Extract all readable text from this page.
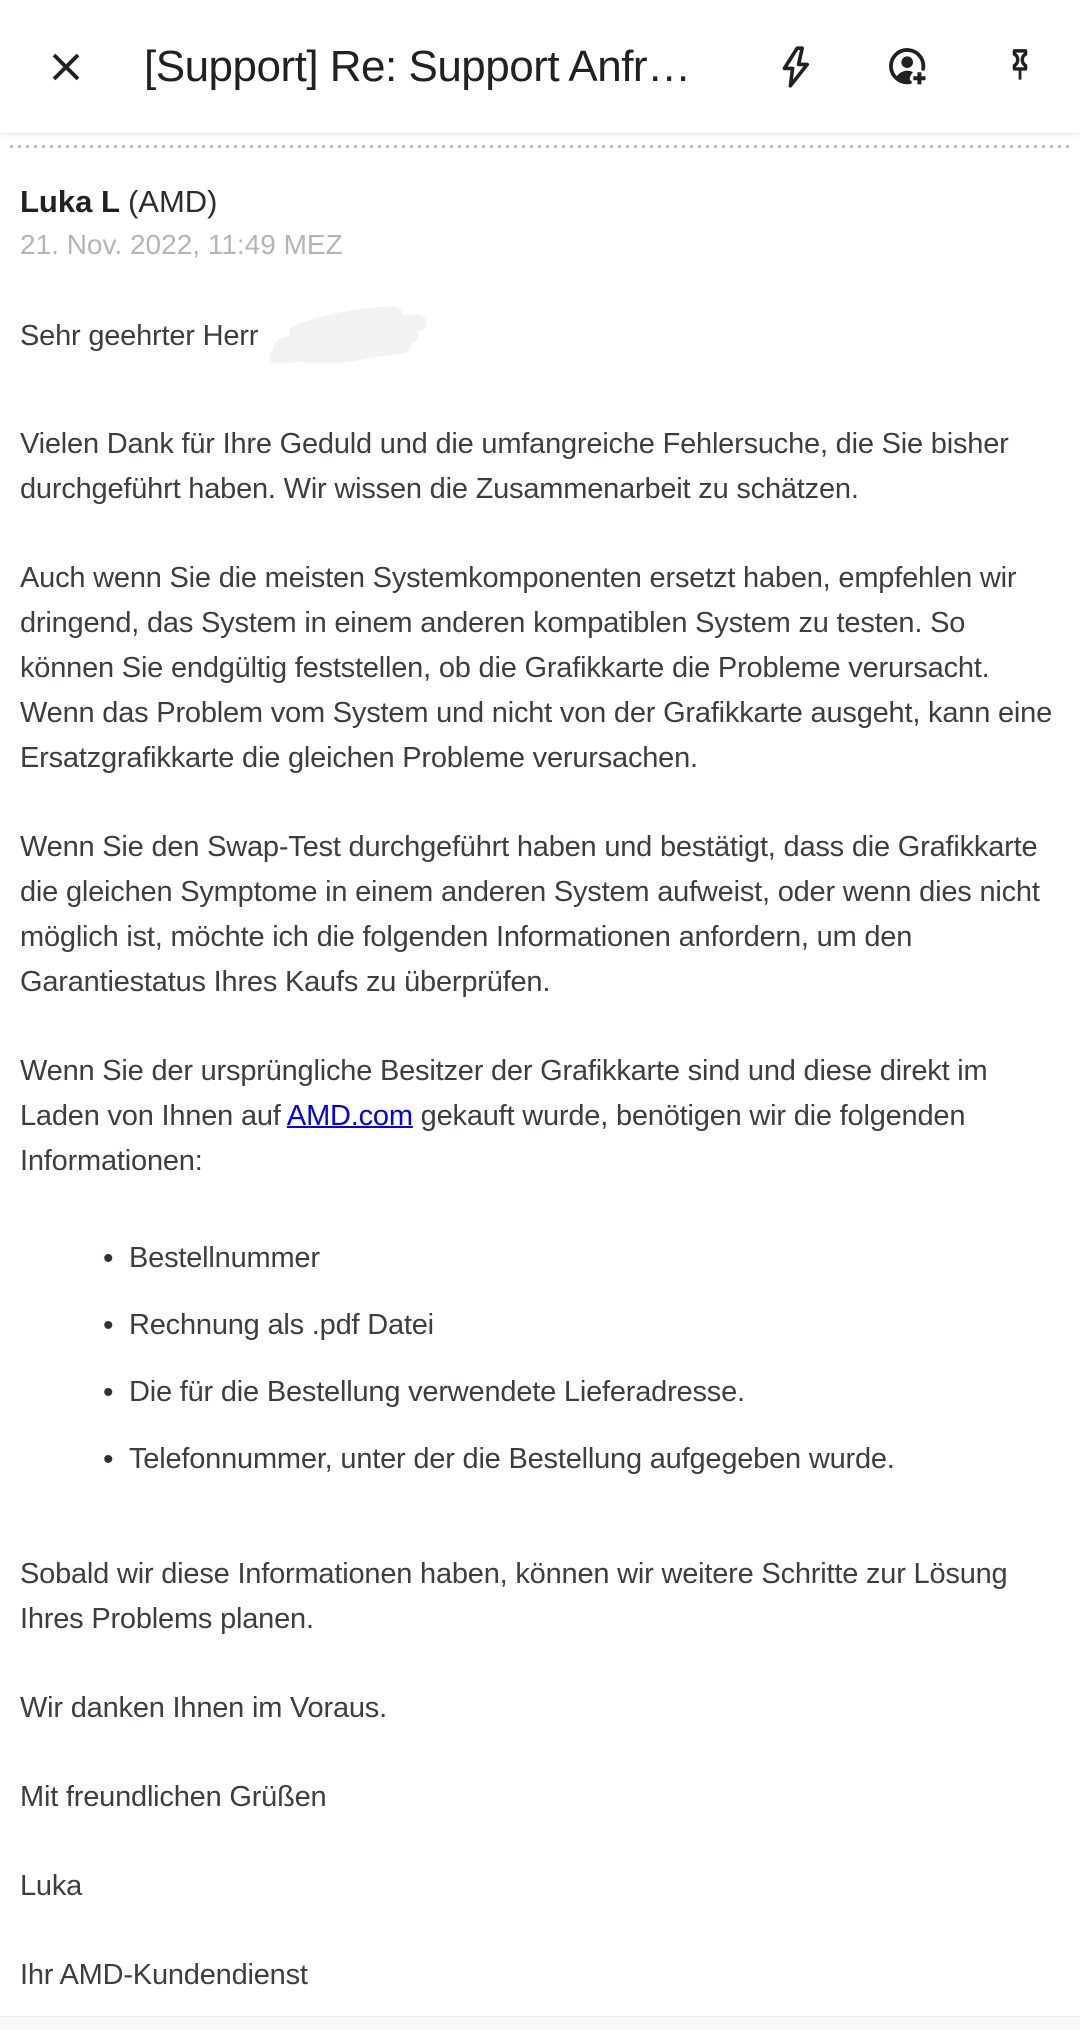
[Support] Re: Support Anfr…
Luka L (AMD)
21. Nov. 2022, 11:49 MEZ

Sehr geehrter Herr

Vielen Dank für Ihre Geduld und die umfangreiche Fehlersuche, die Sie bisher durchgeführt haben. Wir wissen die Zusammenarbeit zu schätzen.

Auch wenn Sie die meisten Systemkomponenten ersetzt haben, empfehlen wir dringend, das System in einem anderen kompatiblen System zu testen. So können Sie endgültig feststellen, ob die Grafikkarte die Probleme verursacht. Wenn das Problem vom System und nicht von der Grafikkarte ausgeht, kann eine Ersatzgrafikkarte die gleichen Probleme verursachen.

Wenn Sie den Swap-Test durchgeführt haben und bestätigt, dass die Grafikkarte die gleichen Symptome in einem anderen System aufweist, oder wenn dies nicht möglich ist, möchte ich die folgenden Informationen anfordern, um den Garantiestatus Ihres Kaufs zu überprüfen.

Wenn Sie der ursprüngliche Besitzer der Grafikkarte sind und diese direkt im Laden von Ihnen auf AMD.com gekauft wurde, benötigen wir die folgenden Informationen:

• Bestellnummer
• Rechnung als .pdf Datei
• Die für die Bestellung verwendete Lieferadresse.
• Telefonnummer, unter der die Bestellung aufgegeben wurde.

Sobald wir diese Informationen haben, können wir weitere Schritte zur Lösung Ihres Problems planen.

Wir danken Ihnen im Voraus.

Mit freundlichen Grüßen

Luka

Ihr AMD-Kundendienst
